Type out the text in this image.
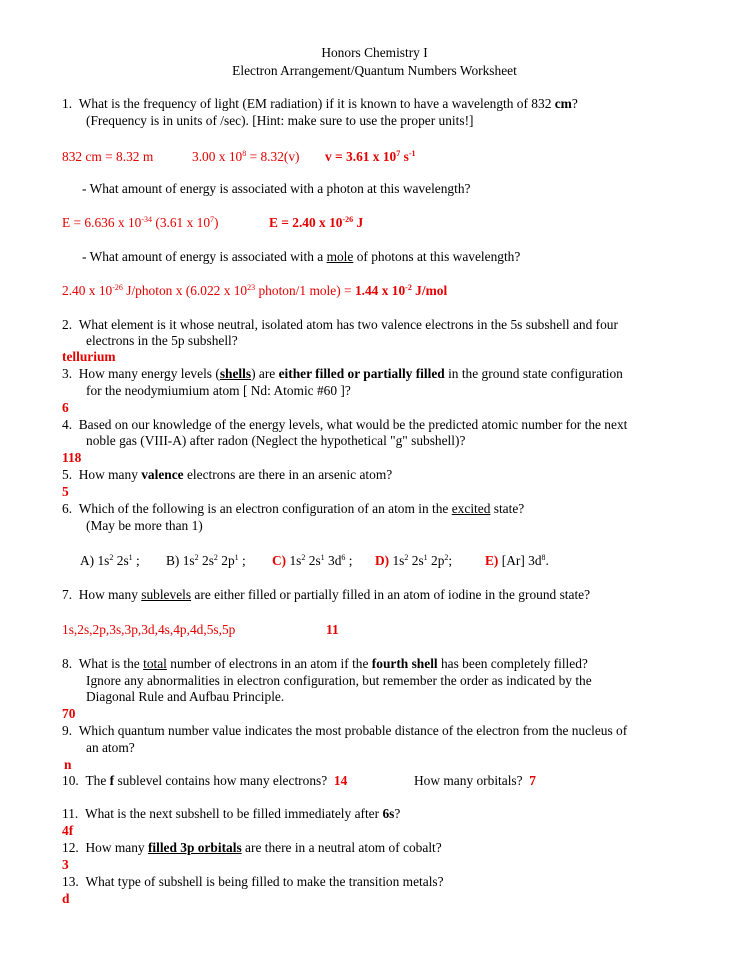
Honors Chemistry I
Electron Arrangement/Quantum Numbers Worksheet
1. What is the frequency of light (EM radiation) if it is known to have a wavelength of 832 cm?
(Frequency is in units of /sec). [Hint: make sure to use the proper units!]
832 cm = 8.32 m	3.00 x $10^8 = 8.32(v) v = 3.61$ x $10^7$ $s^{-1}$
- What amount of energy is associated with a photon at this wavelength?
E = 6.636 x $10^{-34}$ (3.61 x $10^7$)	E = 2.40 x $10^{-26}$ J
- What amount of energy is associated with a mole of photons at this wavelength?
2.40 x $10^{-26}$ J/photon x (6.022 x $10^{23}$ photon/1 mole) = 1.44 x $10^{-2}$ J/mol
2. What element is it whose neutral, isolated atom has two valence electrons in the 5s subshell and four
electrons in the 5p subshell?
tellurium
3. How many energy levels (shells) are either filled or partially filled in the ground state configuration
for the neodymiumium atom [ Nd: Atomic #60 ]?
6
4. Based on our knowledge of the energy levels, what would be the predicted atomic number for the next
noble gas (VIII-A) after radon (Neglect the hypothetical "g" subshell)?
118
5. How many valence electrons are there in an arsenic atom?
5
6. Which of the following is an electron configuration of an atom in the excited state?
(May be more than 1)
A) $1s^2$ $2s^1$ ; B) $1s^2$ $2s^2$ $2p^1$ ; C) $1s^2$ $2s^1$ $3d^6$ ; D) $1s^2$ $2s^1$ $2p^2$; E) [Ar] $3d^8$.
7. How many sublevels are either filled or partially filled in an atom of iodine in the ground state?
1s,2s,2p,3s,3p,3d,4s,4p,4d,5s,5p	11
8. What is the total number of electrons in an atom if the fourth shell has been completely filled?
Ignore any abnormalities in electron configuration, but remember the order as indicated by the
Diagonal Rule and Aufbau Principle.
70
9. Which quantum number value indicates the most probable distance of the electron from the nucleus of
an atom?
n
10. The f sublevel contains how many electrons? 14	How many orbitals? 7
11. What is the next subshell to be filled immediately after 6s?
4f
12. How many filled 3p orbitals are there in a neutral atom of cobalt?
3
13. What type of subshell is being filled to make the transition metals?
d
